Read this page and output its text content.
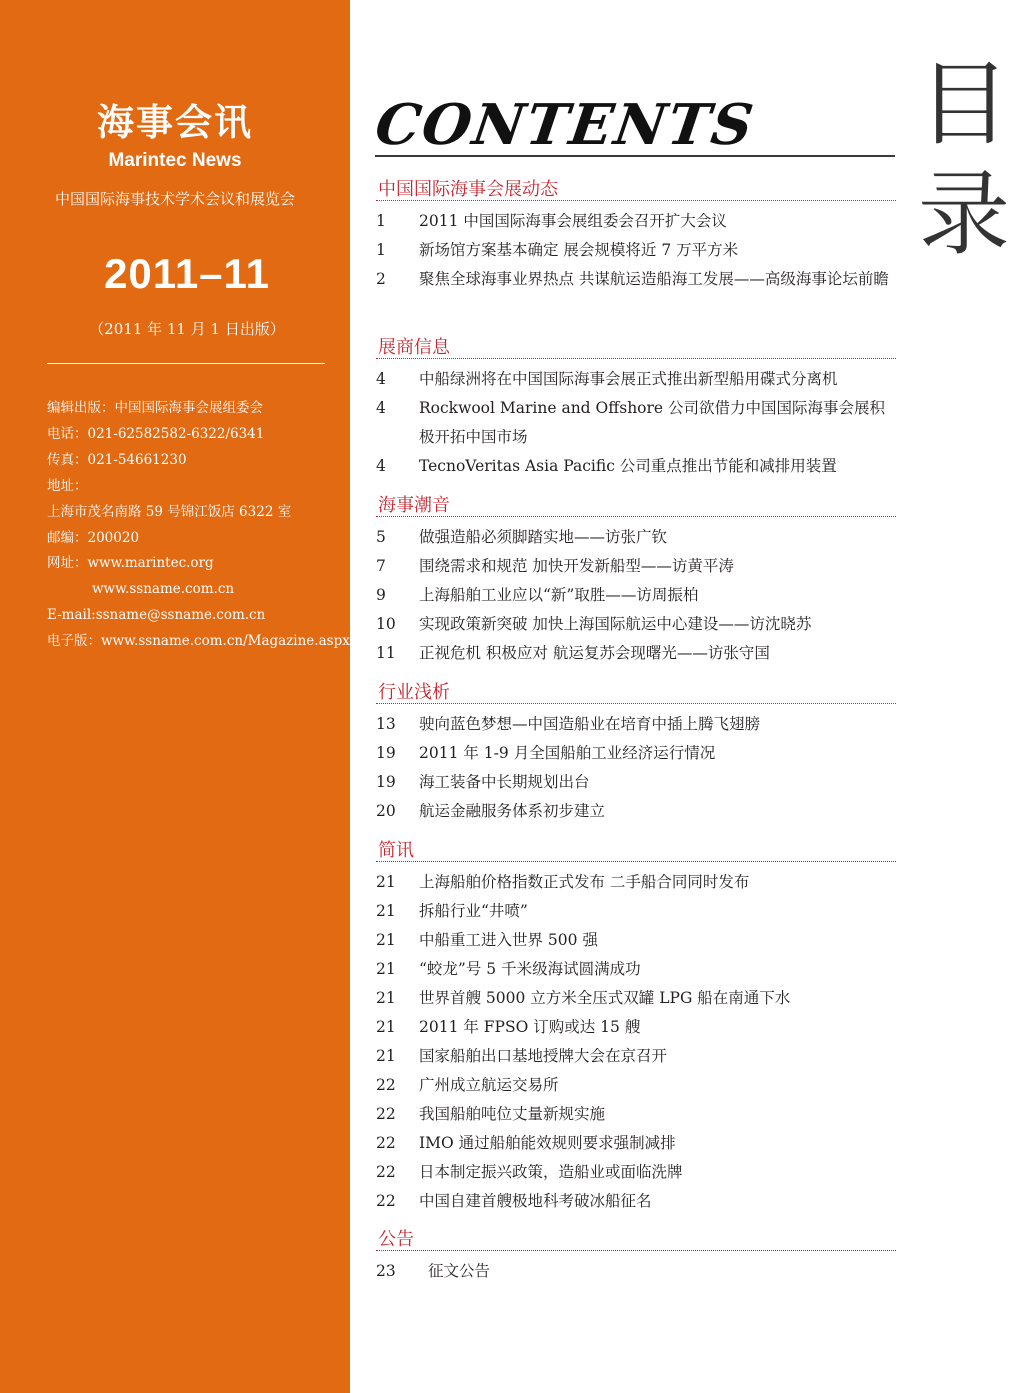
海事会讯
Marintec News
中国国际海事技术学术会议和展览会
2011–11
（2011 年 11 月 1 日出版）
编辑出版：中国国际海事会展组委会
电话：021-62582582-6322/6341
传真：021-54661230
地址：
上海市茂名南路 59 号锦江饭店 6322 室
邮编：200020
网址：www.marintec.org
www.ssname.com.cn
E-mail:ssname@ssname.com.cn
电子版：www.ssname.com.cn/Magazine.aspx
CONTENTS 目
录
中国国际海事会展动态
1	2011 中国国际海事会展组委会召开扩大会议
1	新场馆方案基本确定 展会规模将近 7 万平方米
2	聚焦全球海事业界热点 共谋航运造船海工发展——高级海事论坛前瞻
展商信息
4	中船绿洲将在中国国际海事会展正式推出新型船用碟式分离机
4	Rockwool Marine and Offshore 公司欲借力中国国际海事会展积极开拓中国市场
4	TecnoVeritas Asia Pacific 公司重点推出节能和减排用装置
海事潮音
5	做强造船必须脚踏实地——访张广钦
7	围绕需求和规范 加快开发新船型——访黄平涛
9	上海船舶工业应以“新”取胜——访周振柏
10	实现政策新突破 加快上海国际航运中心建设——访沈晓苏
11	正视危机 积极应对 航运复苏会现曙光——访张守国
行业浅析
13	驶向蓝色梦想—中国造船业在培育中插上腾飞翅膀
19	2011 年 1-9 月全国船舶工业经济运行情况
19	海工装备中长期规划出台
20	航运金融服务体系初步建立
简讯
21	上海船舶价格指数正式发布 二手船合同同时发布
21	拆船行业“井喷”
21	中船重工进入世界 500 强
21	“蛟龙”号 5 千米级海试圆满成功
21	世界首艘 5000 立方米全压式双罐 LPG 船在南通下水
21	2011 年 FPSO 订购或达 15 艘
21	国家船舶出口基地授牌大会在京召开
22	广州成立航运交易所
22	我国船舶吨位丈量新规实施
22	IMO 通过船舶能效规则要求强制减排
22	日本制定振兴政策，造船业或面临洗牌
22	中国自建首艘极地科考破冰船征名
公告
23	征文公告
